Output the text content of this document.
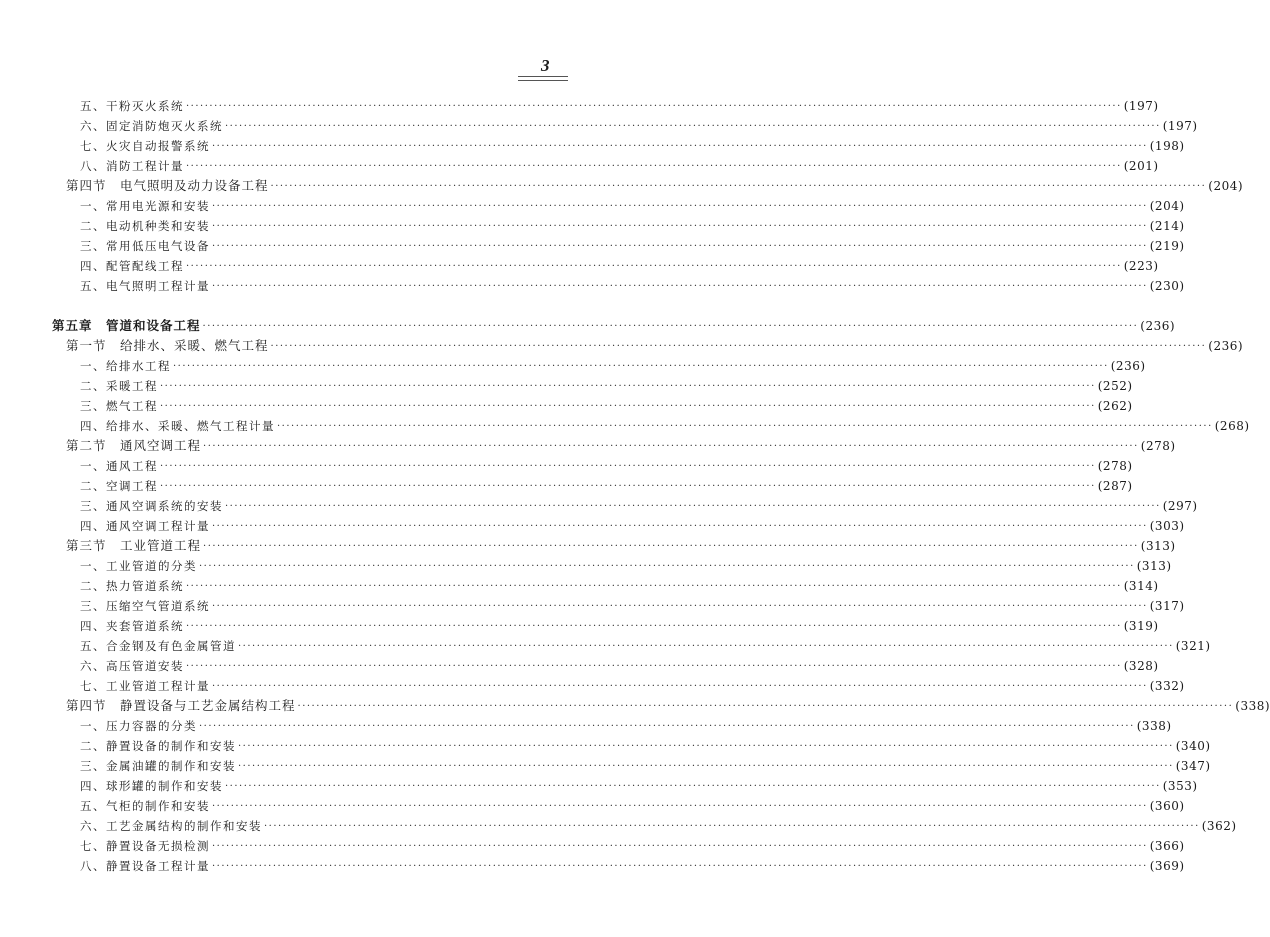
3
五、干粉灭火系统 ········································································································································································································ (197)
六、固定消防炮灭火系统 ········································································································································································································ (197)
七、火灾自动报警系统 ········································································································································································································ (198)
八、消防工程计量 ········································································································································································································ (201)
第四节　电气照明及动力设备工程 ········································································································································································································ (204)
一、常用电光源和安装 ········································································································································································································ (204)
二、电动机种类和安装 ········································································································································································································ (214)
三、常用低压电气设备 ········································································································································································································ (219)
四、配管配线工程 ········································································································································································································ (223)
五、电气照明工程计量 ········································································································································································································ (230)
第五章　管道和设备工程 ········································································································································································································ (236)
第一节　给排水、采暖、燃气工程 ········································································································································································································ (236)
一、给排水工程 ········································································································································································································ (236)
二、采暖工程 ········································································································································································································ (252)
三、燃气工程 ········································································································································································································ (262)
四、给排水、采暖、燃气工程计量 ········································································································································································································ (268)
第二节　通风空调工程 ········································································································································································································ (278)
一、通风工程 ········································································································································································································ (278)
二、空调工程 ········································································································································································································ (287)
三、通风空调系统的安装 ········································································································································································································ (297)
四、通风空调工程计量 ········································································································································································································ (303)
第三节　工业管道工程 ········································································································································································································ (313)
一、工业管道的分类 ········································································································································································································ (313)
二、热力管道系统 ········································································································································································································ (314)
三、压缩空气管道系统 ········································································································································································································ (317)
四、夹套管道系统 ········································································································································································································ (319)
五、合金钢及有色金属管道 ········································································································································································································ (321)
六、高压管道安装 ········································································································································································································ (328)
七、工业管道工程计量 ········································································································································································································ (332)
第四节　静置设备与工艺金属结构工程 ········································································································································································································ (338)
一、压力容器的分类 ········································································································································································································ (338)
二、静置设备的制作和安装 ········································································································································································································ (340)
三、金属油罐的制作和安装 ········································································································································································································ (347)
四、球形罐的制作和安装 ········································································································································································································ (353)
五、气柜的制作和安装 ········································································································································································································ (360)
六、工艺金属结构的制作和安装 ········································································································································································································ (362)
七、静置设备无损检测 ········································································································································································································ (366)
八、静置设备工程计量 ········································································································································································································ (369)
